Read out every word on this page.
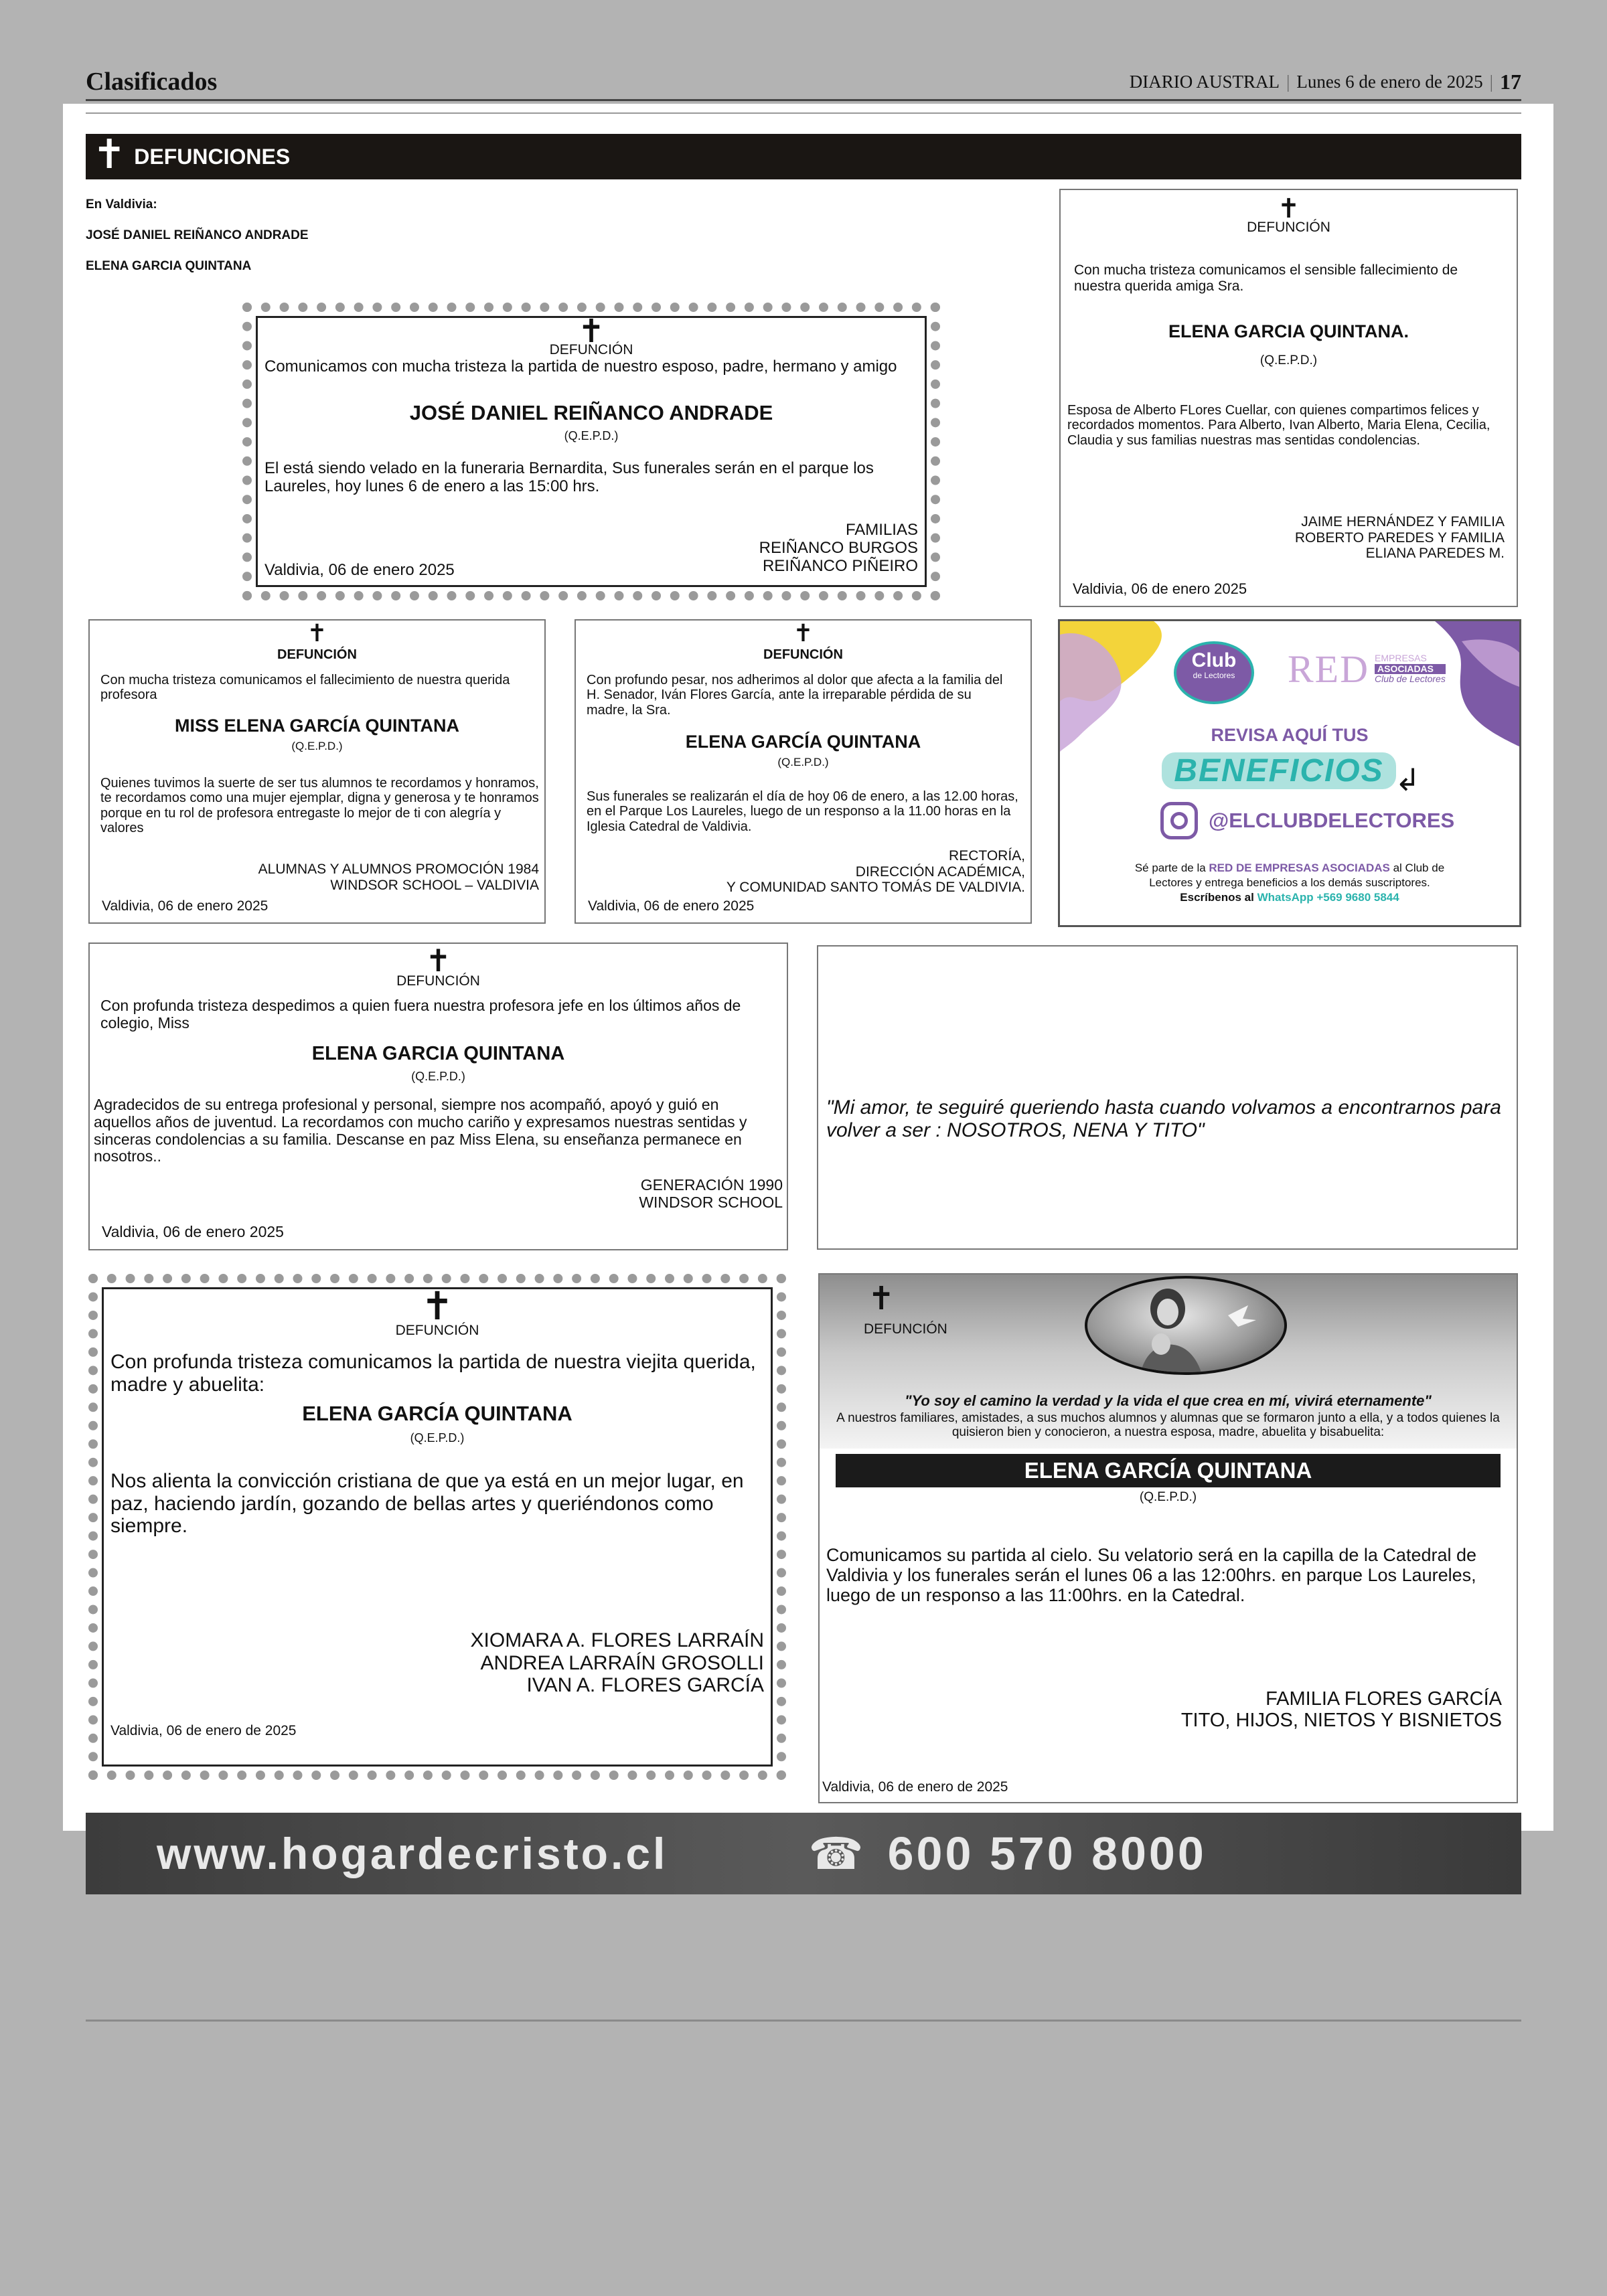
Clasificados	DIARIO AUSTRAL | Lunes 6 de enero de 2025 | 17
✝ DEFUNCIONES
En Valdivia:
JOSÉ DANIEL REIÑANCO ANDRADE
ELENA GARCIA QUINTANA
✝
DEFUNCIÓN
Comunicamos con mucha tristeza la partida de nuestro esposo, padre, hermano y amigo
JOSÉ DANIEL REIÑANCO ANDRADE
(Q.E.P.D.)
El está siendo velado en la funeraria Bernardita, Sus funerales serán en el parque los Laureles, hoy lunes 6 de enero a las 15:00 hrs.
FAMILIAS
REIÑANCO BURGOS
REIÑANCO PIÑEIRO
Valdivia, 06 de enero 2025
✝
DEFUNCIÓN
Con mucha tristeza comunicamos el sensible fallecimiento de nuestra querida amiga Sra.
ELENA GARCIA QUINTANA.
(Q.E.P.D.)
Esposa de Alberto FLores Cuellar, con quienes compartimos felices y recordados momentos. Para Alberto, Ivan Alberto, Maria Elena, Cecilia, Claudia y sus familias nuestras mas sentidas condolencias.
JAIME HERNÁNDEZ Y FAMILIA
ROBERTO PAREDES Y FAMILIA
ELIANA PAREDES M.
Valdivia, 06 de enero 2025
✝
DEFUNCIÓN
Con mucha tristeza comunicamos el fallecimiento de nuestra querida profesora
MISS ELENA GARCÍA QUINTANA
(Q.E.P.D.)
Quienes tuvimos la suerte de ser tus alumnos te recordamos y honramos, te recordamos como una mujer ejemplar, digna y generosa y te honramos porque en tu rol de profesora entregaste lo mejor de ti con alegría y valores
ALUMNAS Y ALUMNOS PROMOCIÓN 1984
WINDSOR SCHOOL – VALDIVIA
Valdivia, 06 de enero 2025
✝
DEFUNCIÓN
Con profundo pesar, nos adherimos al dolor que afecta a la familia del H. Senador, Iván Flores García, ante la irreparable pérdida de su madre, la Sra.
ELENA GARCÍA QUINTANA
(Q.E.P.D.)
Sus funerales se realizarán el día de hoy 06 de enero, a las 12.00 horas, en el Parque Los Laureles, luego de un responso a la 11.00 horas en la Iglesia Catedral de Valdivia.
RECTORÍA,
DIRECCIÓN ACADÉMICA,
Y COMUNIDAD SANTO TOMÁS DE VALDIVIA.
Valdivia, 06 de enero 2025
Club
de Lectores	RED EMPRESAS
ASOCIADAS
Club de Lectores
REVISA AQUÍ TUS
BENEFICIOS ↲
@ELCLUBDELECTORES
Sé parte de la RED DE EMPRESAS ASOCIADAS al Club de
Lectores y entrega beneficios a los demás suscriptores.
Escríbenos al WhatsApp +569 9680 5844
✝
DEFUNCIÓN
Con profunda tristeza despedimos a quien fuera nuestra profesora jefe en los últimos años de colegio, Miss
ELENA GARCIA QUINTANA
(Q.E.P.D.)
Agradecidos de su entrega profesional y personal, siempre nos acompañó, apoyó y guió en aquellos años de juventud. La recordamos con mucho cariño y expresamos nuestras sentidas y sinceras condolencias a su familia. Descanse en paz Miss Elena, su enseñanza permanece en nosotros..
GENERACIÓN 1990
WINDSOR SCHOOL
Valdivia, 06 de enero 2025
"Mi amor, te seguiré queriendo hasta cuando volvamos a encontrarnos para volver a ser : NOSOTROS, NENA Y TITO"
✝
DEFUNCIÓN
Con profunda tristeza comunicamos la partida de nuestra viejita querida, madre y abuelita:
ELENA GARCÍA QUINTANA
(Q.E.P.D.)
Nos alienta la convicción cristiana de que ya está en un mejor lugar, en paz, haciendo jardín, gozando de bellas artes y queriéndonos como siempre.
XIOMARA A. FLORES LARRAÍN
ANDREA LARRAÍN GROSOLLI
IVAN A. FLORES GARCÍA
Valdivia, 06 de enero de 2025
✝
DEFUNCIÓN
"Yo soy el camino la verdad y la vida el que crea en mí, vivirá eternamente"
A nuestros familiares, amistades, a sus muchos alumnos y alumnas que se formaron junto a ella, y a todos quienes la quisieron bien y conocieron, a nuestra esposa, madre, abuelita y bisabuelita:
ELENA GARCÍA QUINTANA
(Q.E.P.D.)
Comunicamos su partida al cielo. Su velatorio será en la capilla de la Catedral de Valdivia y los funerales serán el lunes 06 a las 12:00hrs. en parque Los Laureles, luego de un responso a las 11:00hrs. en la Catedral.
FAMILIA FLORES GARCÍA
TITO, HIJOS, NIETOS Y BISNIETOS
Valdivia, 06 de enero de 2025
www.hogardecristo.cl	☎ 600 570 8000
